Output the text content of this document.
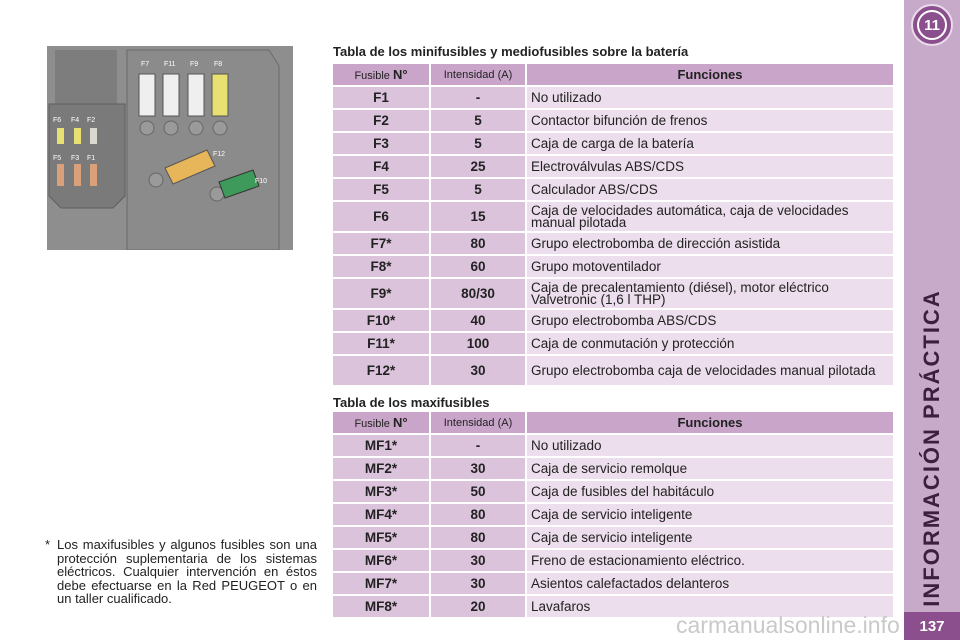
11
INFORMACIÓN PRÁCTICA
137
F7 F11 F9 F8
F6 F4 F2
F5 F3 F1
F12
F10
Tabla de los minifusibles y mediofusibles sobre la batería
Fusible N°	Intensidad (A)	Funciones
F1	-	No utilizado
F2	5	Contactor bifunción de frenos
F3	5	Caja de carga de la batería
F4	25	Electroválvulas ABS/CDS
F5	5	Calculador ABS/CDS
F6	15	Caja de velocidades automática, caja de velocidades manual pilotada
F7*	80	Grupo electrobomba de dirección asistida
F8*	60	Grupo motoventilador
F9*	80/30	Caja de precalentamiento (diésel), motor eléctrico Valvetronic (1,6 l THP)
F10*	40	Grupo electrobomba ABS/CDS
F11*	100	Caja de conmutación y protección
F12*	30	Grupo electrobomba caja de velocidades manual pilotada
Tabla de los maxifusibles
Fusible N°	Intensidad (A)	Funciones
MF1*	-	No utilizado
MF2*	30	Caja de servicio remolque
MF3*	50	Caja de fusibles del habitáculo
MF4*	80	Caja de servicio inteligente
MF5*	80	Caja de servicio inteligente
MF6*	30	Freno de estacionamiento eléctrico.
MF7*	30	Asientos calefactados delanteros
MF8*	20	Lavafaros
* Los maxifusibles y algunos fusibles son una protección suplementaria de los sistemas eléctricos. Cualquier intervención en éstos debe efectuarse en la Red PEUGEOT o en un taller cualificado.
carmanualsonline.info
